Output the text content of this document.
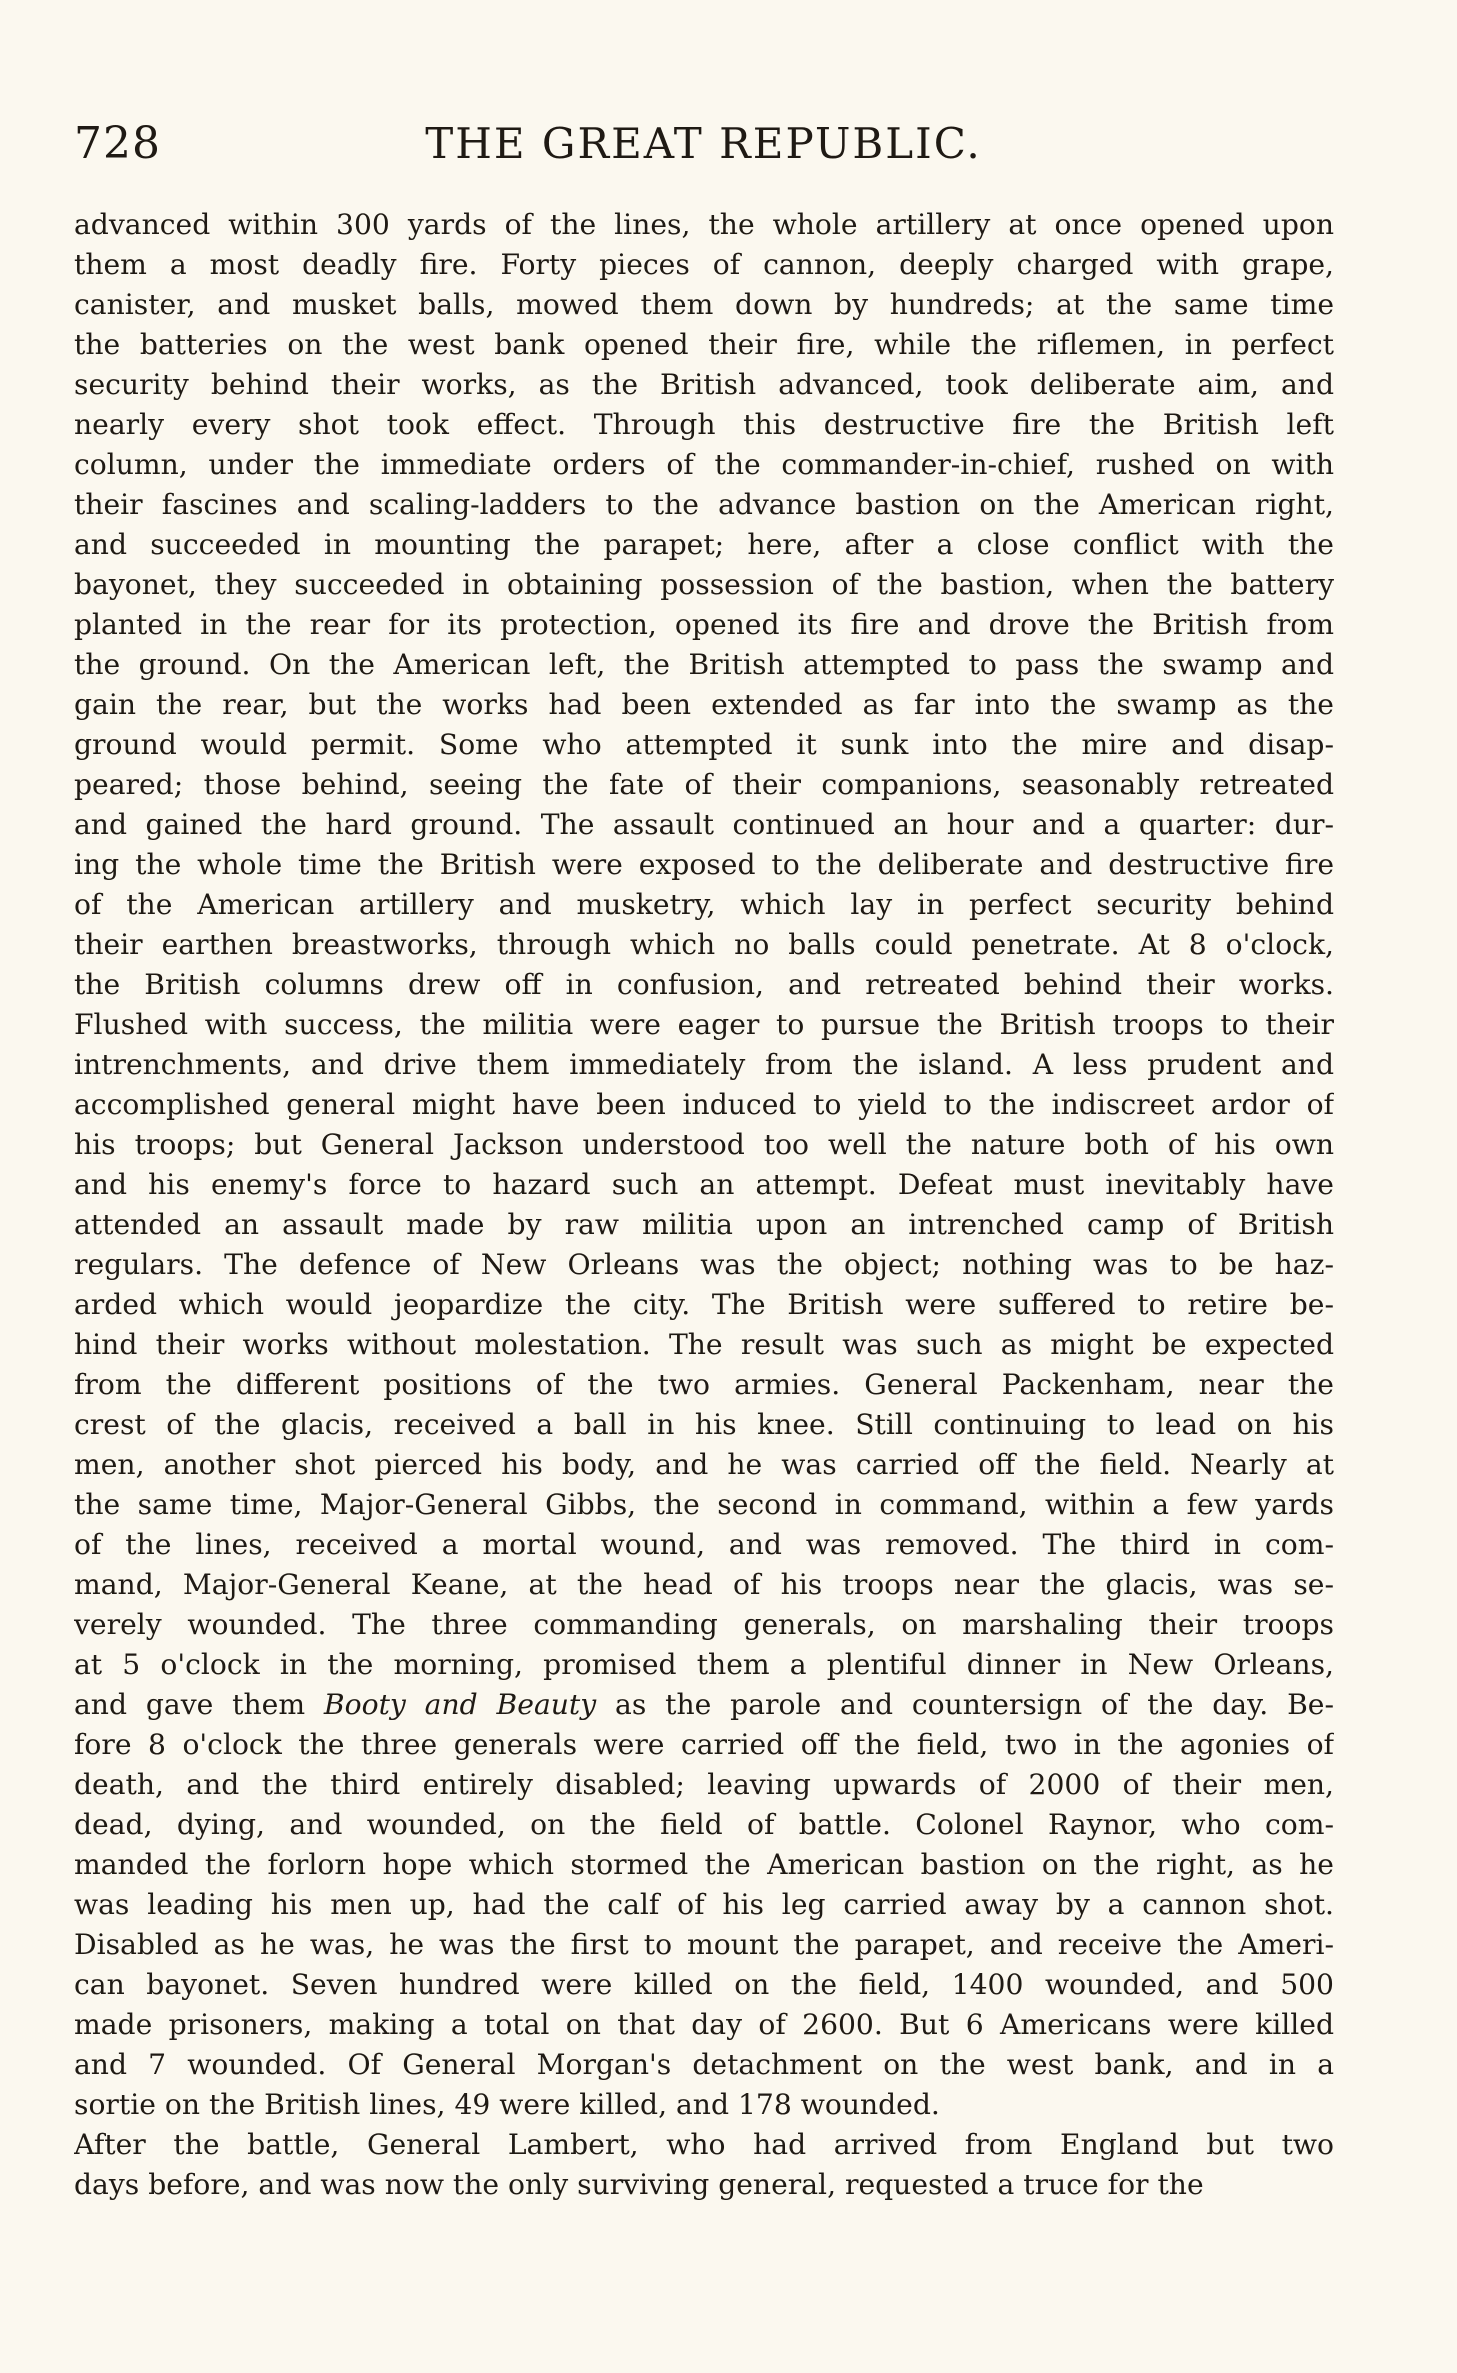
728	THE GREAT REPUBLIC.
advanced within 300 yards of the lines, the whole artillery at once opened upon
them a most deadly fire. Forty pieces of cannon, deeply charged with grape,
canister, and musket balls, mowed them down by hundreds; at the same time
the batteries on the west bank opened their fire, while the riflemen, in perfect
security behind their works, as the British advanced, took deliberate aim, and
nearly every shot took effect. Through this destructive fire the British left
column, under the immediate orders of the commander-in-chief, rushed on with
their fascines and scaling-ladders to the advance bastion on the American right,
and succeeded in mounting the parapet; here, after a close conflict with the
bayonet, they succeeded in obtaining possession of the bastion, when the battery
planted in the rear for its protection, opened its fire and drove the British from
the ground. On the American left, the British attempted to pass the swamp and
gain the rear, but the works had been extended as far into the swamp as the
ground would permit. Some who attempted it sunk into the mire and disap-
peared; those behind, seeing the fate of their companions, seasonably retreated
and gained the hard ground. The assault continued an hour and a quarter: dur-
ing the whole time the British were exposed to the deliberate and destructive fire
of the American artillery and musketry, which lay in perfect security behind
their earthen breastworks, through which no balls could penetrate. At 8 o'clock,
the British columns drew off in confusion, and retreated behind their works.
Flushed with success, the militia were eager to pursue the British troops to their
intrenchments, and drive them immediately from the island. A less prudent and
accomplished general might have been induced to yield to the indiscreet ardor of
his troops; but General Jackson understood too well the nature both of his own
and his enemy's force to hazard such an attempt. Defeat must inevitably have
attended an assault made by raw militia upon an intrenched camp of British
regulars. The defence of New Orleans was the object; nothing was to be haz-
arded which would jeopardize the city. The British were suffered to retire be-
hind their works without molestation. The result was such as might be expected
from the different positions of the two armies. General Packenham, near the
crest of the glacis, received a ball in his knee. Still continuing to lead on his
men, another shot pierced his body, and he was carried off the field. Nearly at
the same time, Major-General Gibbs, the second in command, within a few yards
of the lines, received a mortal wound, and was removed. The third in com-
mand, Major-General Keane, at the head of his troops near the glacis, was se-
verely wounded. The three commanding generals, on marshaling their troops
at 5 o'clock in the morning, promised them a plentiful dinner in New Orleans,
and gave them Booty and Beauty as the parole and countersign of the day. Be-
fore 8 o'clock the three generals were carried off the field, two in the agonies of
death, and the third entirely disabled; leaving upwards of 2000 of their men,
dead, dying, and wounded, on the field of battle. Colonel Raynor, who com-
manded the forlorn hope which stormed the American bastion on the right, as he
was leading his men up, had the calf of his leg carried away by a cannon shot.
Disabled as he was, he was the first to mount the parapet, and receive the Ameri-
can bayonet. Seven hundred were killed on the field, 1400 wounded, and 500
made prisoners, making a total on that day of 2600. But 6 Americans were killed
and 7 wounded. Of General Morgan's detachment on the west bank, and in a
sortie on the British lines, 49 were killed, and 178 wounded.
After the battle, General Lambert, who had arrived from England but two
days before, and was now the only surviving general, requested a truce for the
